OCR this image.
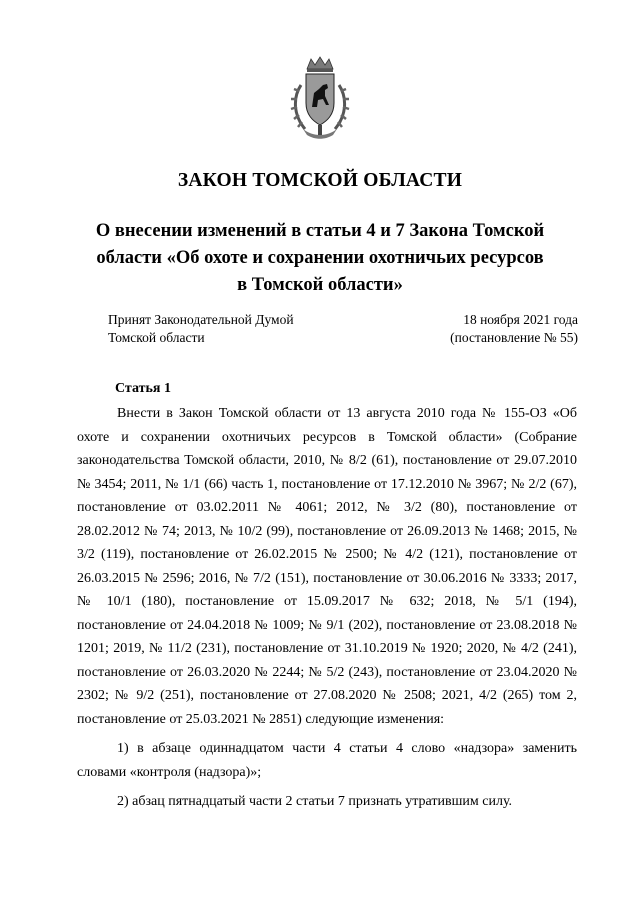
ЗАКОН ТОМСКОЙ ОБЛАСТИ
О внесении изменений в статьи 4 и 7 Закона Томской
области «Об охоте и сохранении охотничьих ресурсов
в Томской области»
Принят Законодательной Думой
Томской области
18 ноября 2021 года
(постановление № 55)
Статья 1

Внести в Закон Томской области от 13 августа 2010 года № 155-ОЗ «Об охоте и сохранении охотничьих ресурсов в Томской области» (Собрание законодательства Томской области, 2010, № 8/2 (61), постановление от 29.07.2010 № 3454; 2011, № 1/1 (66) часть 1, постановление от 17.12.2010 № 3967; № 2/2 (67), постановление от 03.02.2011 № 4061; 2012, № 3/2 (80), постановление от 28.02.2012 № 74; 2013, № 10/2 (99), постановление от 26.09.2013 № 1468; 2015, № 3/2 (119), постановление от 26.02.2015 № 2500; № 4/2 (121), постановление от 26.03.2015 № 2596; 2016, № 7/2 (151), постановление от 30.06.2016 № 3333; 2017, № 10/1 (180), постановление от 15.09.2017 № 632; 2018, № 5/1 (194), постановление от 24.04.2018 № 1009; № 9/1 (202), постановление от 23.08.2018 № 1201; 2019, № 11/2 (231), постановление от 31.10.2019 № 1920; 2020, № 4/2 (241), постановление от 26.03.2020 № 2244; № 5/2 (243), постановление от 23.04.2020 № 2302; № 9/2 (251), постановление от 27.08.2020 № 2508; 2021, 4/2 (265) том 2, постановление от 25.03.2021 № 2851) следующие изменения:

1) в абзаце одиннадцатом части 4 статьи 4 слово «надзора» заменить словами «контроля (надзора)»;

2) абзац пятнадцатый части 2 статьи 7 признать утратившим силу.
